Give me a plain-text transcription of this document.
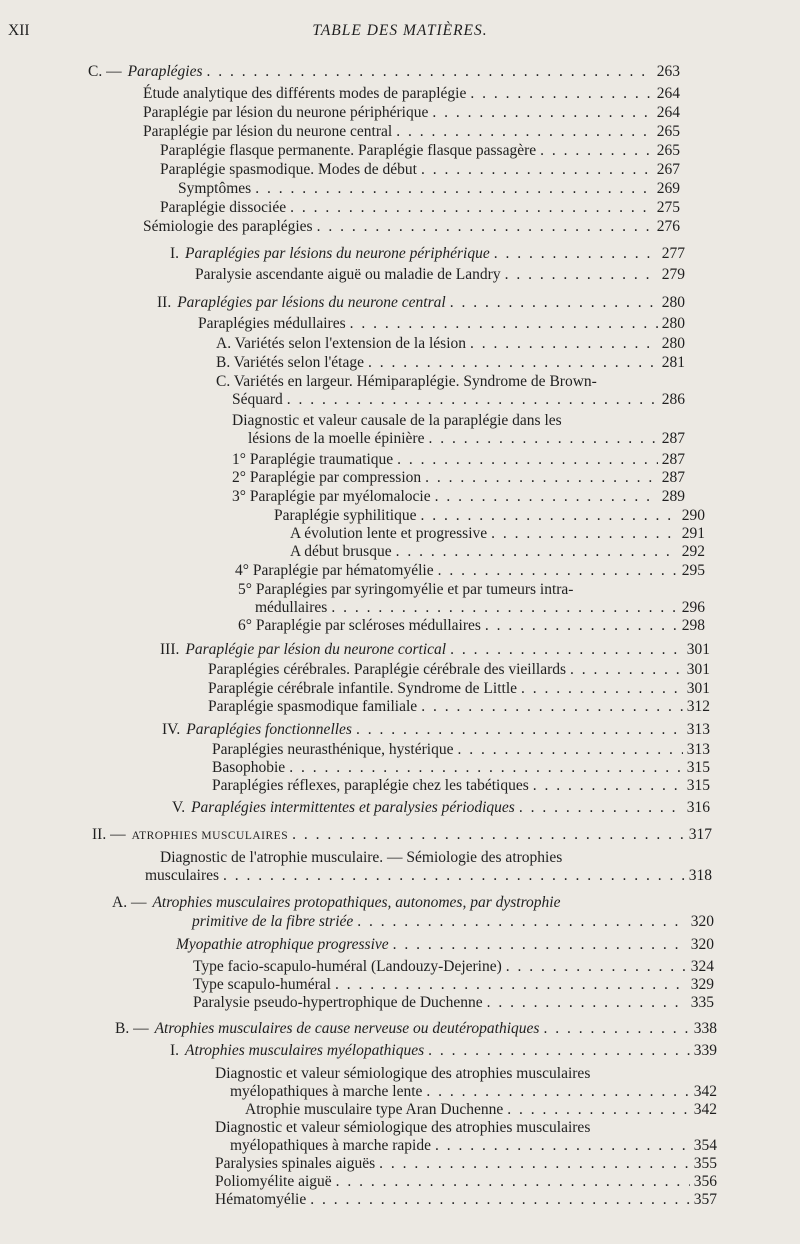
XII	TABLE DES MATIÈRES.
C. — Paraplégies . . .	263
Étude analytique des différents modes de paraplégie . . .	264
Paraplégie par lésion du neurone périphérique . . .	264
Paraplégie par lésion du neurone central . . .	265
Paraplégie flasque permanente. Paraplégie flasque passagère . . .	265
Paraplégie spasmodique. Modes de début . . .	267
Symptômes . . .	269
Paraplégie dissociée . . .	275
Sémiologie des paraplégies . . .	276
I. Paraplégies par lésions du neurone périphérique . . .	277
Paralysie ascendante aiguë ou maladie de Landry . . .	279
II. Paraplégies par lésions du neurone central . . .	280
Paraplégies médullaires . . .	280
A. Variétés selon l'extension de la lésion . . .	280
B. Variétés selon l'étage . . .	281
C. Variétés en largeur. Hémiparaplégie. Syndrome de Brown-
Séquard . . .	286
Diagnostic et valeur causale de la paraplégie dans les
lésions de la moelle épinière . . .	287
1° Paraplégie traumatique . . .	287
2° Paraplégie par compression . . .	287
3° Paraplégie par myélomalocie . . .	289
Paraplégie syphilitique . . .	290
A évolution lente et progressive . . .	291
A début brusque . . .	292
4° Paraplégie par hématomyélie . . .	295
5° Paraplégies par syringomyélie et par tumeurs intra-
médullaires . . .	296
6° Paraplégie par scléroses médullaires . . .	298
III. Paraplégie par lésion du neurone cortical . . .	301
Paraplégies cérébrales. Paraplégie cérébrale des vieillards . . .	301
Paraplégie cérébrale infantile. Syndrome de Little . . .	301
Paraplégie spasmodique familiale . . .	312
IV. Paraplégies fonctionnelles . . .	313
Paraplégies neurasthénique, hystérique . . .	313
Basophobie . . .	315
Paraplégies réflexes, paraplégie chez les tabétiques . . .	315
V. Paraplégies intermittentes et paralysies périodiques . . .	316
II. — ATROPHIES MUSCULAIRES . . .	317
Diagnostic de l'atrophie musculaire. — Sémiologie des atrophies
musculaires . . .	318
A. — Atrophies musculaires protopathiques, autonomes, par dystrophie
primitive de la fibre striée . . .	320
Myopathie atrophique progressive . . .	320
Type facio-scapulo-huméral (Landouzy-Dejerine) . . .	324
Type scapulo-huméral . . .	329
Paralysie pseudo-hypertrophique de Duchenne . . .	335
B. — Atrophies musculaires de cause nerveuse ou deutéropathiques . . .	338
I. Atrophies musculaires myélopathiques . . .	339
Diagnostic et valeur sémiologique des atrophies musculaires
myélopathiques à marche lente . . .	342
Atrophie musculaire type Aran Duchenne . . .	342
Diagnostic et valeur sémiologique des atrophies musculaires
myélopathiques à marche rapide . . .	354
Paralysies spinales aiguës . . .	355
Poliomyélite aiguë . . .	356
Hématomyélie . . .	357
